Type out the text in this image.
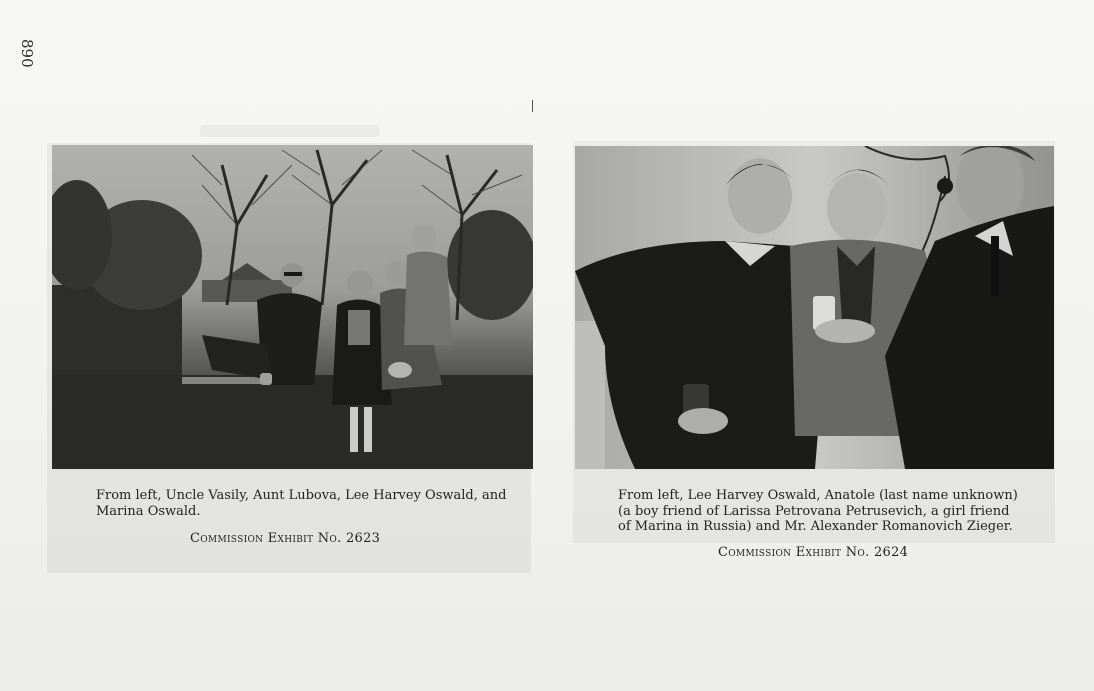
890
From left, Uncle Vasily, Aunt Lubova, Lee Harvey Oswald, and Marina Oswald.
Commission Exhibit No. 2623
From left, Lee Harvey Oswald, Anatole (last name unknown) (a boy friend of Larissa Petrovana Petrusevich, a girl friend of Marina in Russia) and Mr. Alexander Romanovich Zieger.
Commission Exhibit No. 2624
